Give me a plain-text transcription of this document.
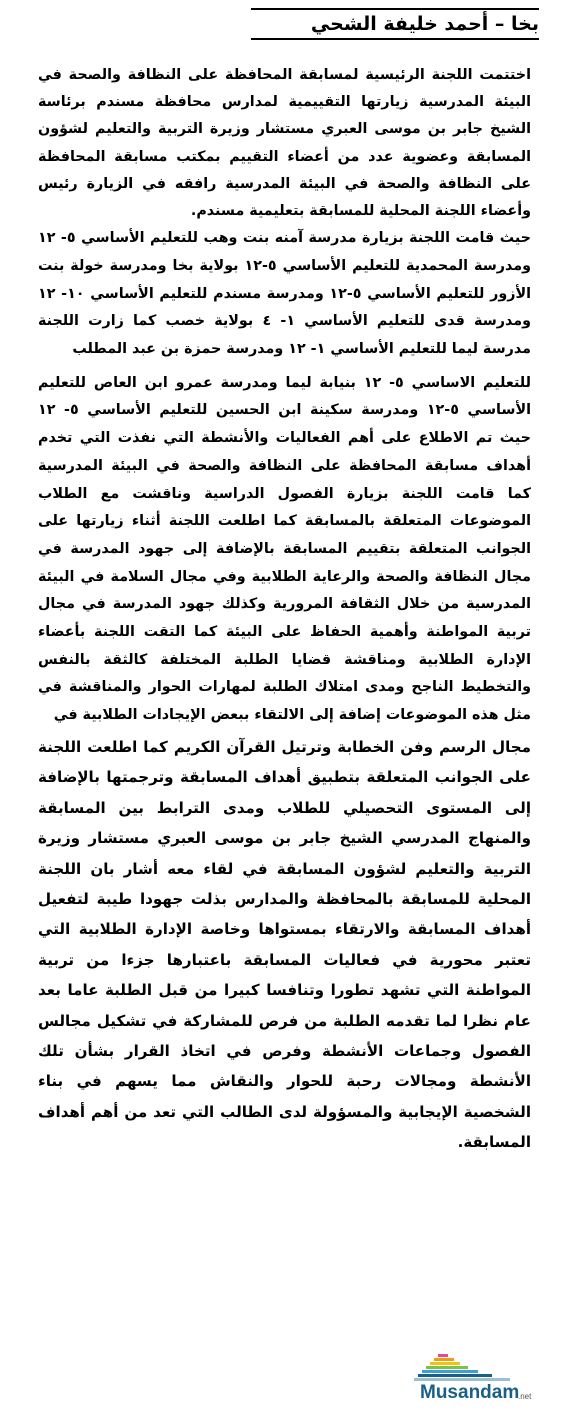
بخا – أحمد خليفة الشحي

اختتمت اللجنة الرئيسية لمسابقة المحافظة على النظافة والصحة في البيئة المدرسية زيارتها التقييمية لمدارس محافظة مسندم برئاسة الشيخ جابر بن موسى العبري مستشار وزيرة التربية والتعليم لشؤون المسابقة وعضوية عدد من أعضاء التقييم بمكتب مسابقة المحافظة على النظافة والصحة في البيئة المدرسية رافقه في الزيارة رئيس وأعضاء اللجنة المحلية للمسابقة بتعليمية مسندم.

حيث قامت اللجنة بزيارة مدرسة آمنه بنت وهب للتعليم الأساسي ٥- ١٢ ومدرسة المحمدية للتعليم الأساسي ٥-١٢ بولاية بخا ومدرسة خولة بنت الأزور للتعليم الأساسي ٥-١٢ ومدرسة مسندم للتعليم الأساسي ١٠- ١٢ ومدرسة قدى للتعليم الأساسي ١- ٤ بولاية خصب كما زارت اللجنة مدرسة ليما للتعليم الأساسي ١- ١٢ ومدرسة حمزة بن عبد المطلب

للتعليم الاساسي ٥- ١٢ بنيابة ليما ومدرسة عمرو ابن العاص للتعليم الأساسي ٥-١٢ ومدرسة سكينة ابن الحسين للتعليم الأساسي ٥- ١٢ حيث تم الاطلاع على أهم الفعاليات والأنشطة التي نفذت التي تخدم أهداف مسابقة المحافظة على النظافة والصحة في البيئة المدرسية كما قامت اللجنة بزيارة الفصول الدراسية وناقشت مع الطلاب الموضوعات المتعلقة بالمسابقة كما اطلعت اللجنة أثناء زيارتها على الجوانب المتعلقة بتقييم المسابقة بالإضافة إلى جهود المدرسة في مجال النظافة والصحة والرعاية الطلابية وفي مجال السلامة في البيئة المدرسية من خلال الثقافة المرورية وكذلك جهود المدرسة في مجال تربية المواطنة وأهمية الحفاظ على البيئة كما التقت اللجنة بأعضاء الإدارة الطلابية ومناقشة قضايا الطلبة المختلفة كالثقة بالنفس والتخطيط الناجح ومدى امتلاك الطلبة لمهارات الحوار والمناقشة في مثل هذه الموضوعات إضافة إلى الالتقاء ببعض الإيجادات الطلابية في

مجال الرسم وفن الخطابة وترتيل القرآن الكريم كما اطلعت اللجنة على الجوانب المتعلقة بتطبيق أهداف المسابقة وترجمتها بالإضافة إلى المستوى التحصيلي للطلاب ومدى الترابط بين المسابقة والمنهاج المدرسي الشيخ جابر بن موسى العبري مستشار وزيرة التربية والتعليم لشؤون المسابقة في لقاء معه أشار بان اللجنة المحلية للمسابقة بالمحافظة والمدارس بذلت جهودا طيبة لتفعيل أهداف المسابقة والارتقاء بمستواها وخاصة الإدارة الطلابية التي تعتبر محورية في فعاليات المسابقة باعتبارها جزءا من تربية المواطنة التي تشهد تطورا وتنافسا كبيرا من قبل الطلبة عاما بعد عام نظرا لما تقدمه الطلبة من فرص للمشاركة في تشكيل مجالس الفصول وجماعات الأنشطة وفرص في اتخاذ القرار بشأن تلك الأنشطة ومجالات رحبة للحوار والنقاش مما يسهم في بناء الشخصية الإيجابية والمسؤولة لدى الطالب التي تعد من أهم أهداف المسابقة.

Musandam
.net
